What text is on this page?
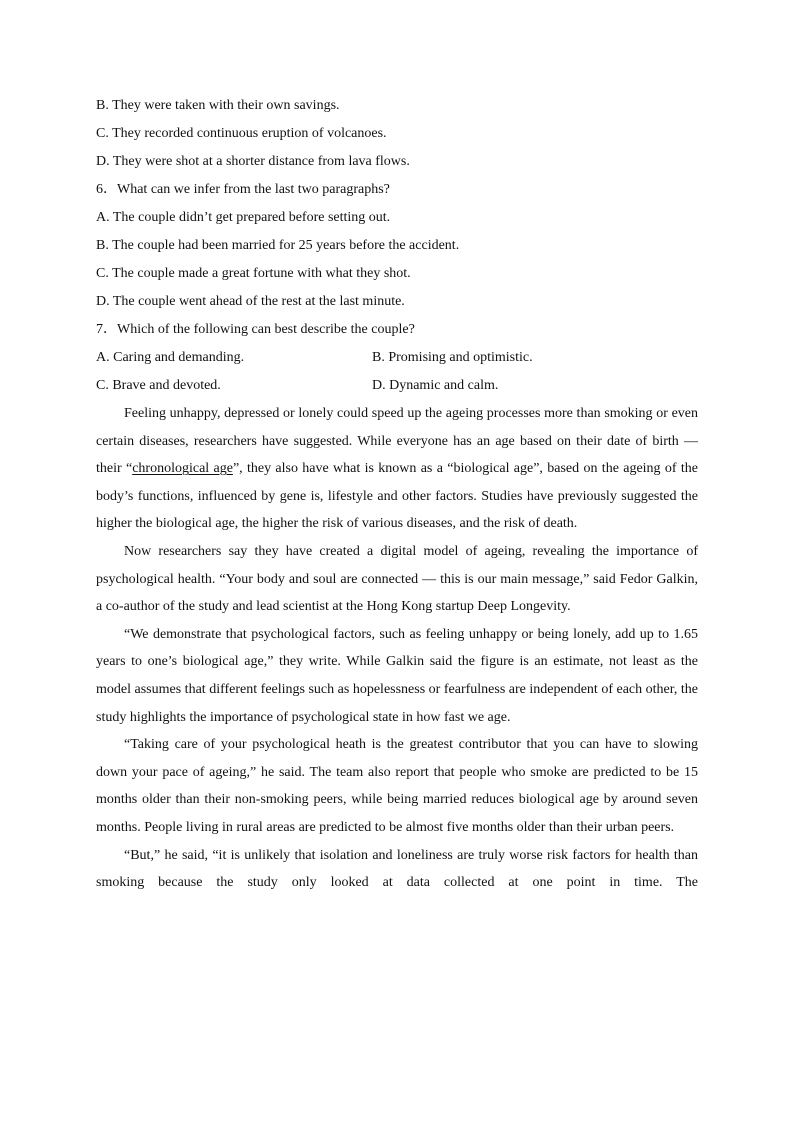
B. They were taken with their own savings.
C. They recorded continuous eruption of volcanoes.
D. They were shot at a shorter distance from lava flows.
6．What can we infer from the last two paragraphs?
A. The couple didn’t get prepared before setting out.
B. The couple had been married for 25 years before the accident.
C. The couple made a great fortune with what they shot.
D. The couple went ahead of the rest at the last minute.
7．Which of the following can best describe the couple?
A. Caring and demanding.	B. Promising and optimistic.
C. Brave and devoted.	D. Dynamic and calm.

Feeling unhappy, depressed or lonely could speed up the ageing processes more than smoking or even certain diseases, researchers have suggested. While everyone has an age based on their date of birth — their “chronological age”, they also have what is known as a “biological age”, based on the ageing of the body’s functions, influenced by gene is, lifestyle and other factors. Studies have previously suggested the higher the biological age, the higher the risk of various diseases, and the risk of death.

Now researchers say they have created a digital model of ageing, revealing the importance of psychological health. “Your body and soul are connected — this is our main message,” said Fedor Galkin, a co-author of the study and lead scientist at the Hong Kong startup Deep Longevity.

“We demonstrate that psychological factors, such as feeling unhappy or being lonely, add up to 1.65 years to one’s biological age,” they write. While Galkin said the figure is an estimate, not least as the model assumes that different feelings such as hopelessness or fearfulness are independent of each other, the study highlights the importance of psychological state in how fast we age.

“Taking care of your psychological heath is the greatest contributor that you can have to slowing down your pace of ageing,” he said. The team also report that people who smoke are predicted to be 15 months older than their non-smoking peers, while being married reduces biological age by around seven months. People living in rural areas are predicted to be almost five months older than their urban peers.

“But,” he said, “it is unlikely that isolation and loneliness are truly worse risk factors for health than smoking because the study only looked at data collected at one point in time. The
